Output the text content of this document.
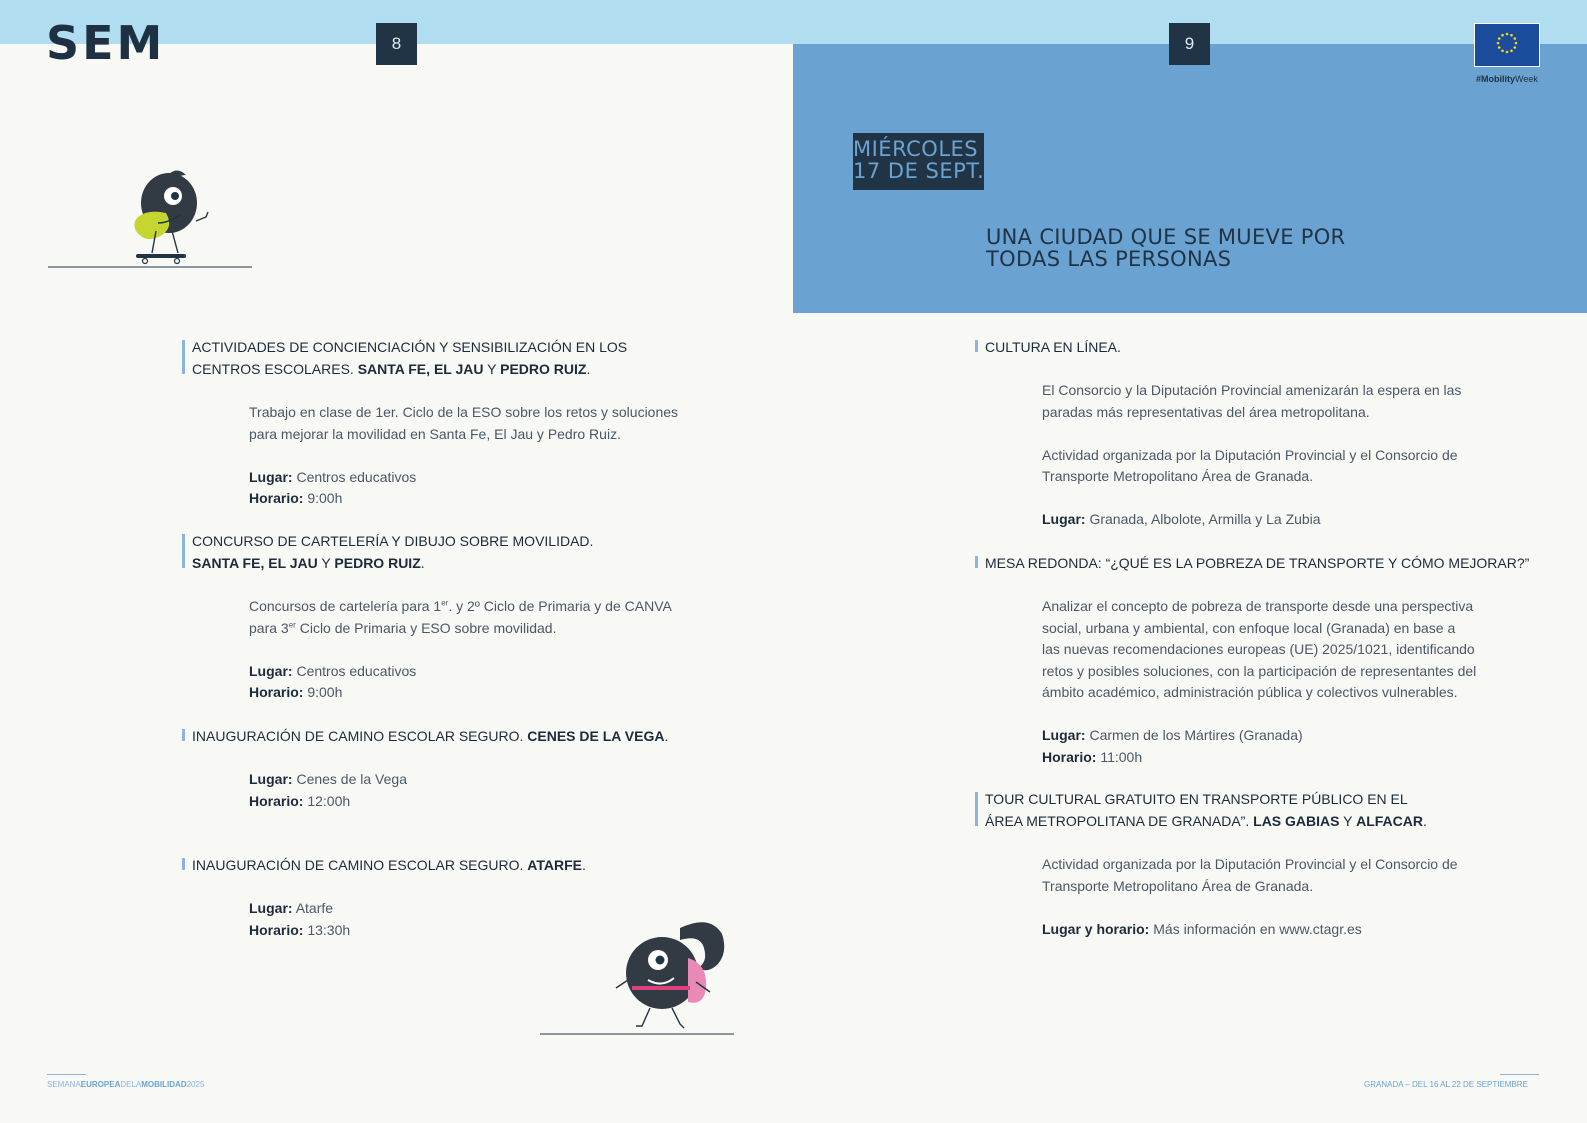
SEM	8	9
#MobilityWeek
MIÉRCOLES
17 DE SEPT.
UNA CIUDAD QUE SE MUEVE POR
TODAS LAS PERSONAS
ACTIVIDADES DE CONCIENCIACIÓN Y SENSIBILIZACIÓN EN LOS
CENTROS ESCOLARES. SANTA FE, EL JAU Y PEDRO RUIZ.
Trabajo en clase de 1er. Ciclo de la ESO sobre los retos y soluciones
para mejorar la movilidad en Santa Fe, El Jau y Pedro Ruiz.
Lugar: Centros educativos
Horario: 9:00h
CONCURSO DE CARTELERÍA Y DIBUJO SOBRE MOVILIDAD.
SANTA FE, EL JAU Y PEDRO RUIZ.
Concursos de cartelería para 1er. y 2º Ciclo de Primaria y de CANVA
para 3er Ciclo de Primaria y ESO sobre movilidad.
Lugar: Centros educativos
Horario: 9:00h
INAUGURACIÓN DE CAMINO ESCOLAR SEGURO. CENES DE LA VEGA.
Lugar: Cenes de la Vega
Horario: 12:00h
INAUGURACIÓN DE CAMINO ESCOLAR SEGURO. ATARFE.
Lugar: Atarfe
Horario: 13:30h
CULTURA EN LÍNEA.
El Consorcio y la Diputación Provincial amenizarán la espera en las
paradas más representativas del área metropolitana.
Actividad organizada por la Diputación Provincial y el Consorcio de
Transporte Metropolitano Área de Granada.
Lugar: Granada, Albolote, Armilla y La Zubia
MESA REDONDA: “¿QUÉ ES LA POBREZA DE TRANSPORTE Y CÓMO MEJORAR?”
Analizar el concepto de pobreza de transporte desde una perspectiva
social, urbana y ambiental, con enfoque local (Granada) en base a
las nuevas recomendaciones europeas (UE) 2025/1021, identificando
retos y posibles soluciones, con la participación de representantes del
ámbito académico, administración pública y colectivos vulnerables.
Lugar: Carmen de los Mártires (Granada)
Horario: 11:00h
TOUR CULTURAL GRATUITO EN TRANSPORTE PÚBLICO EN EL
ÁREA METROPOLITANA DE GRANADA”. LAS GABIAS Y ALFACAR.
Actividad organizada por la Diputación Provincial y el Consorcio de
Transporte Metropolitano Área de Granada.
Lugar y horario: Más información en www.ctagr.es
SEMANAEUROPEADELAMOBILIDAD2025	GRANADA – DEL 16 AL 22 DE SEPTIEMBRE
